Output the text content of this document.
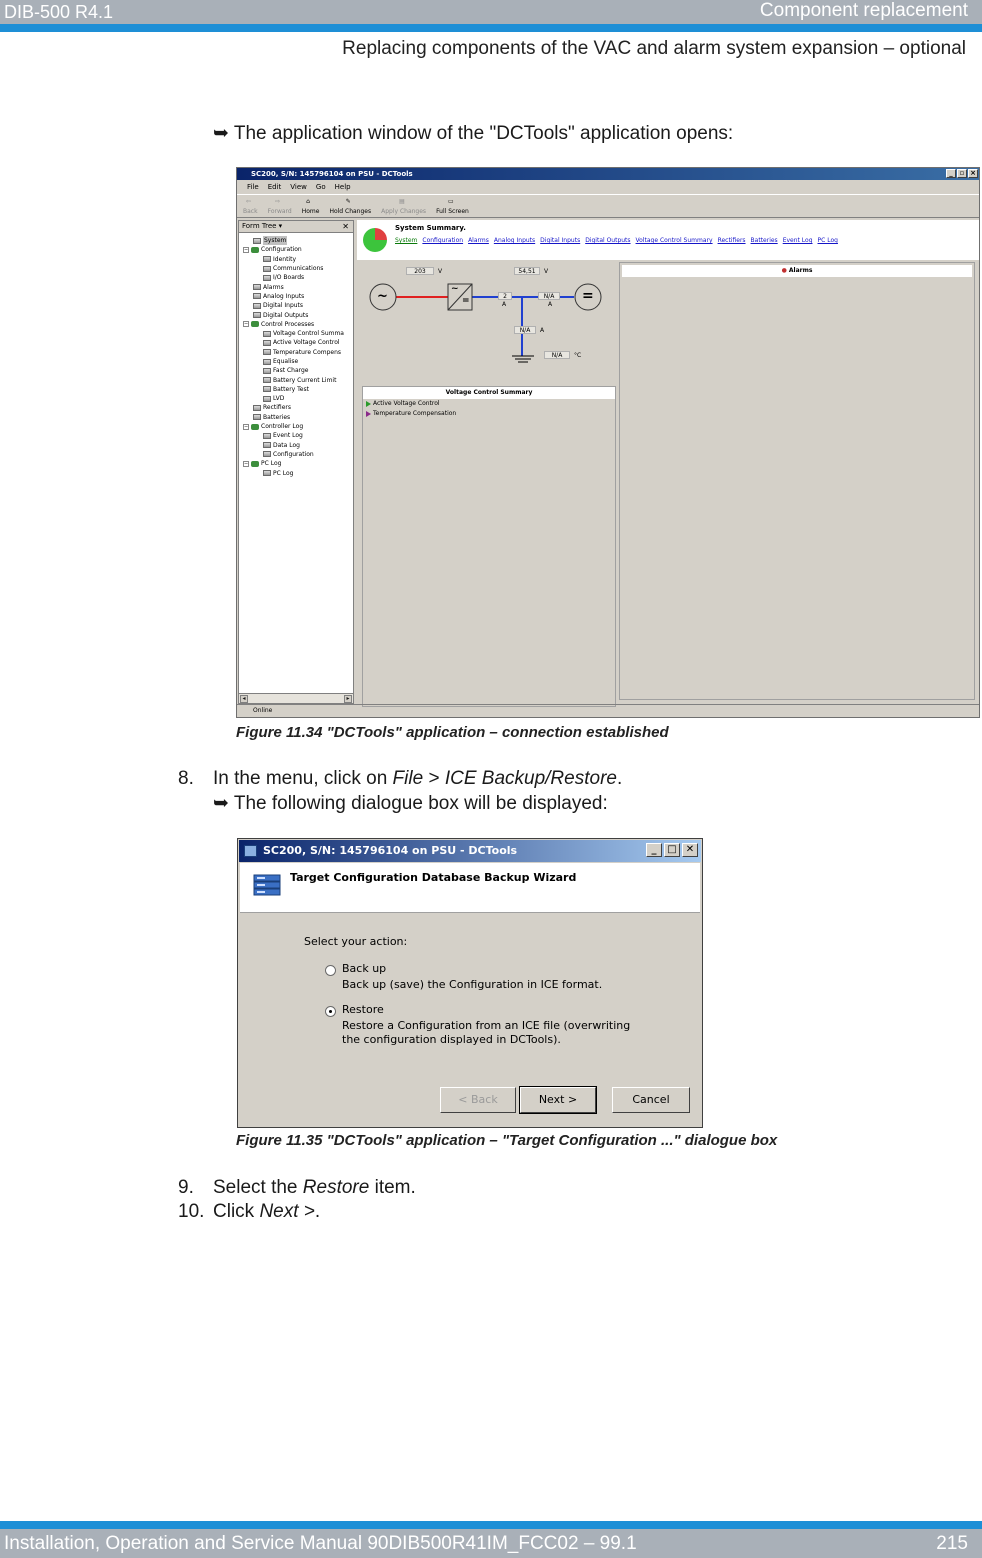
DIB-500 R4.1	Component replacement
Replacing components of the VAC and alarm system expansion – optional
➥ The application window of the "DCTools" application opens:
SC200, S/N: 145796104 on PSU - DCTools	_ ▫ ×
File Edit View Go Help
⇦
Back
⇨
Forward
⌂
Home
✎
Hold Changes
▤
Apply Changes
▭
Full Screen
Form Tree ▾	✕
System
− Configuration
Identity
Communications
I/O Boards
Alarms
Analog Inputs
Digital Inputs
Digital Outputs
− Control Processes
Voltage Control Summa
Active Voltage Control
Temperature Compens
Equalise
Fast Charge
Battery Current Limit
Battery Test
LVD
Rectifiers
Batteries
− Controller Log
Event Log
Data Log
Configuration
− PC Log
PC Log
◂	▸
System Summary.
System Configuration Alarms Analog Inputs Digital Inputs Digital Outputs Voltage Control Summary Rectifiers Batteries Event Log PC Log
~	=
~
=
203	V	54,51	V
2
A
N/A
A
N/A	A
N/A	°C
Voltage Control Summary
Active Voltage Control
Temperature Compensation
● Alarms
Online
Figure 11.34 "DCTools" application – connection established
8. In the menu, click on File > ICE Backup/Restore.
➥ The following dialogue box will be displayed:
SC200, S/N: 145796104 on PSU - DCTools	_	□ ✕
Target Configuration Database Backup Wizard
Select your action:
Back up
Back up (save) the Configuration in ICE format.
Restore
Restore a Configuration from an ICE file (overwriting
the configuration displayed in DCTools).
< Back	Next >	Cancel
Figure 11.35 "DCTools" application – "Target Configuration ..." dialogue box
9. Select the Restore item.
10. Click Next >.
Installation, Operation and Service Manual 90DIB500R41IM_FCC02 – 99.1	215
